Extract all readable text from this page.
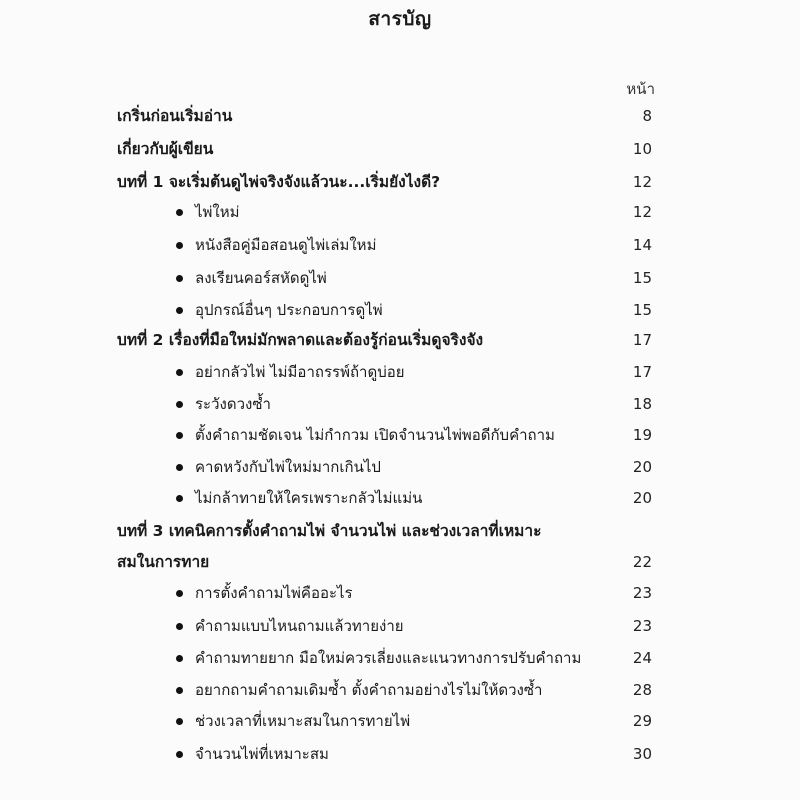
สารบัญ
หน้า
เกริ่นก่อนเริ่มอ่าน	8
เกี่ยวกับผู้เขียน	10
บทที่ 1 จะเริ่มต้นดูไพ่จริงจังแล้วนะ...เริ่มยังไงดี?	12
ไพ่ใหม่	12
หนังสือคู่มือสอนดูไพ่เล่มใหม่	14
ลงเรียนคอร์สหัดดูไพ่	15
อุปกรณ์อื่นๆ ประกอบการดูไพ่	15
บทที่ 2 เรื่องที่มือใหม่มักพลาดและต้องรู้ก่อนเริ่มดูจริงจัง	17
อย่ากลัวไพ่ ไม่มีอาถรรพ์ถ้าดูบ่อย	17
ระวังดวงซ้ำ	18
ตั้งคำถามชัดเจน ไม่กำกวม เปิดจำนวนไพ่พอดีกับคำถาม	19
คาดหวังกับไพ่ใหม่มากเกินไป	20
ไม่กล้าทายให้ใครเพราะกลัวไม่แม่น	20
บทที่ 3 เทคนิคการตั้งคำถามไพ่ จำนวนไพ่ และช่วงเวลาที่เหมาะ
สมในการทาย	22
การตั้งคำถามไพ่คืออะไร	23
คำถามแบบไหนถามแล้วทายง่าย	23
คำถามทายยาก มือใหม่ควรเลี่ยงและแนวทางการปรับคำถาม	24
อยากถามคำถามเดิมซ้ำ ตั้งคำถามอย่างไรไม่ให้ดวงซ้ำ	28
ช่วงเวลาที่เหมาะสมในการทายไพ่	29
จำนวนไพ่ที่เหมาะสม	30
